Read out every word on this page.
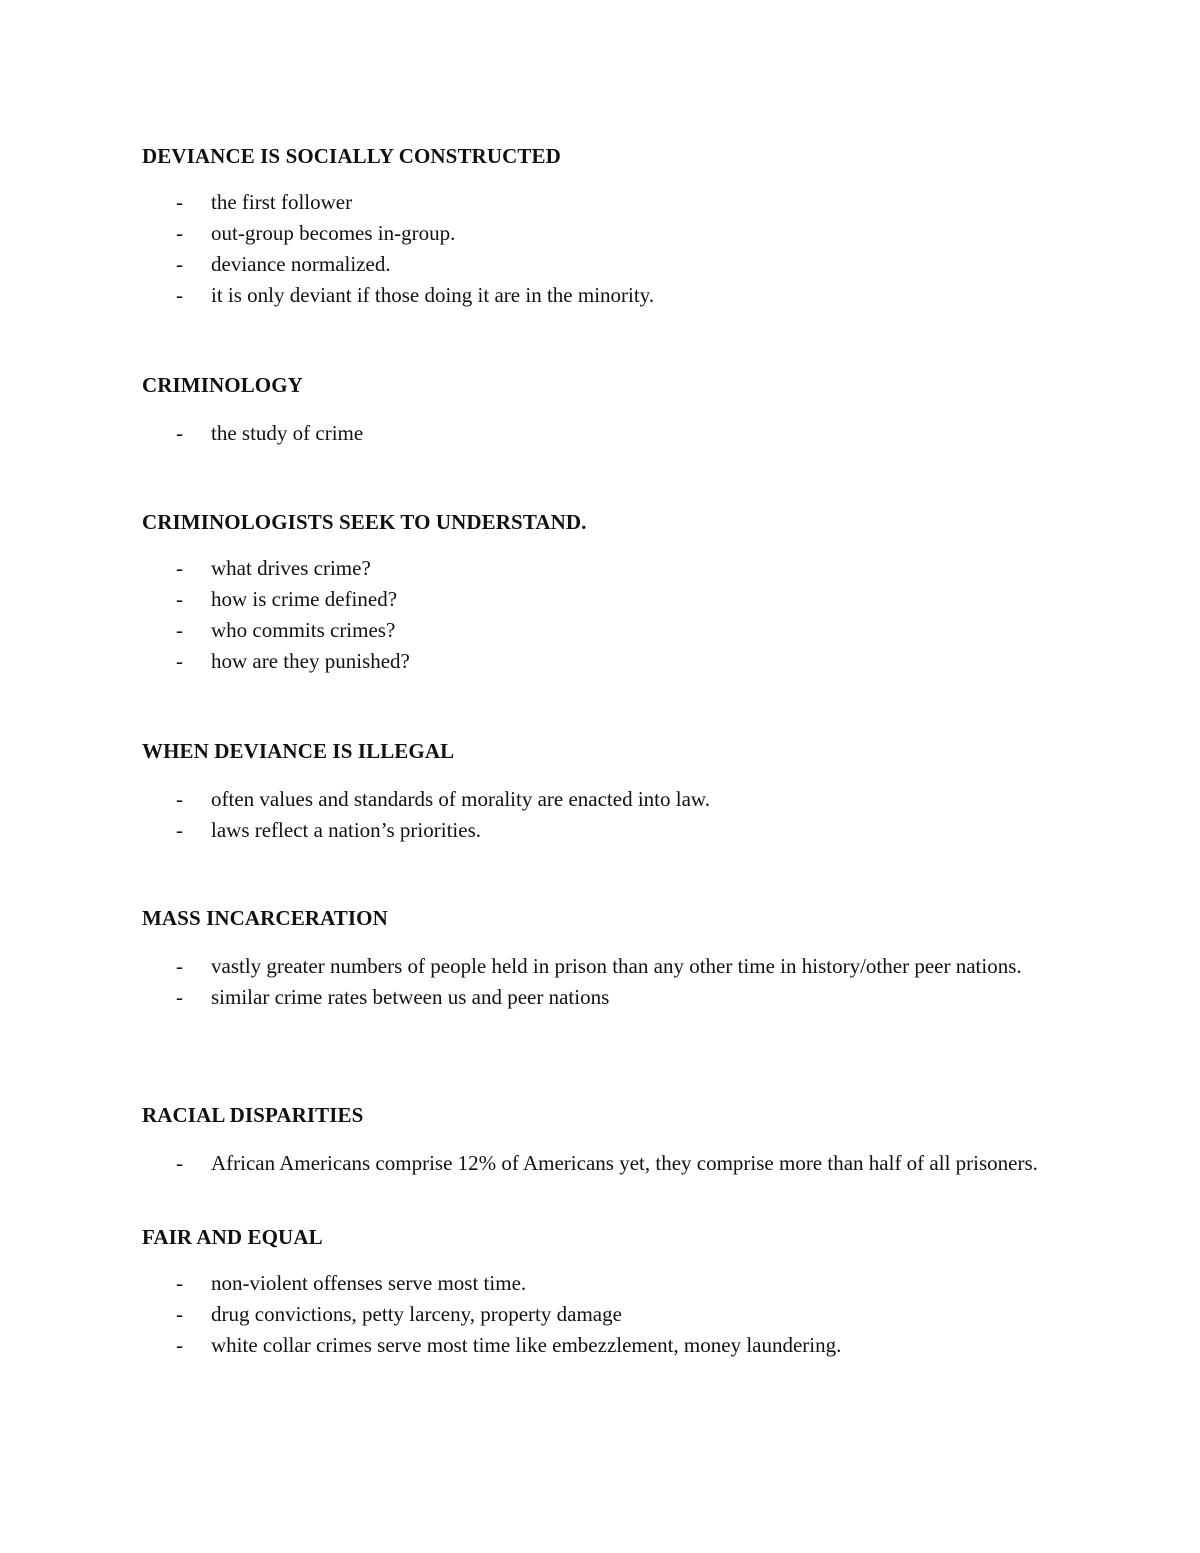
DEVIANCE IS SOCIALLY CONSTRUCTED
- the first follower
- out-group becomes in-group.
- deviance normalized.
- it is only deviant if those doing it are in the minority.
CRIMINOLOGY
- the study of crime
CRIMINOLOGISTS SEEK TO UNDERSTAND.
- what drives crime?
- how is crime defined?
- who commits crimes?
- how are they punished?
WHEN DEVIANCE IS ILLEGAL
- often values and standards of morality are enacted into law.
- laws reflect a nation’s priorities.
MASS INCARCERATION
- vastly greater numbers of people held in prison than any other time in history/other peer nations.
- similar crime rates between us and peer nations
RACIAL DISPARITIES
- African Americans comprise 12% of Americans yet, they comprise more than half of all prisoners.
FAIR AND EQUAL
- non-violent offenses serve most time.
- drug convictions, petty larceny, property damage
- white collar crimes serve most time like embezzlement, money laundering.
